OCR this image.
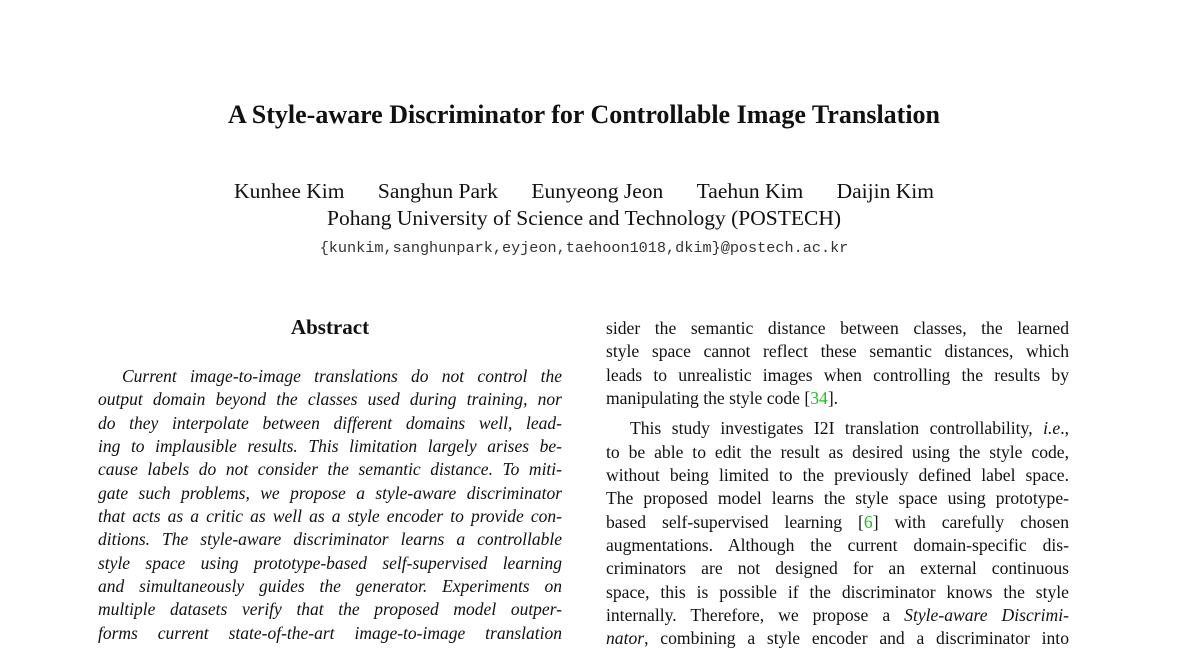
A Style-aware Discriminator for Controllable Image Translation
Kunhee Kim Sanghun Park Eunyeong Jeon Taehun Kim Daijin Kim
Pohang University of Science and Technology (POSTECH)
{kunkim,sanghunpark,eyjeon,taehoon1018,dkim}@postech.ac.kr
Abstract
Current image-to-image translations do not control the
output domain beyond the classes used during training, nor
do they interpolate between different domains well, lead-
ing to implausible results. This limitation largely arises be-
cause labels do not consider the semantic distance. To miti-
gate such problems, we propose a style-aware discriminator
that acts as a critic as well as a style encoder to provide con-
ditions. The style-aware discriminator learns a controllable
style space using prototype-based self-supervised learning
and simultaneously guides the generator. Experiments on
multiple datasets verify that the proposed model outper-
forms current state-of-the-art image-to-image translation
sider the semantic distance between classes, the learned
style space cannot reflect these semantic distances, which
leads to unrealistic images when controlling the results by
manipulating the style code [34].
This study investigates I2I translation controllability, i.e.,
to be able to edit the result as desired using the style code,
without being limited to the previously defined label space.
The proposed model learns the style space using prototype-
based self-supervised learning [6] with carefully chosen
augmentations. Although the current domain-specific dis-
criminators are not designed for an external continuous
space, this is possible if the discriminator knows the style
internally. Therefore, we propose a Style-aware Discrimi-
nator, combining a style encoder and a discriminator into
